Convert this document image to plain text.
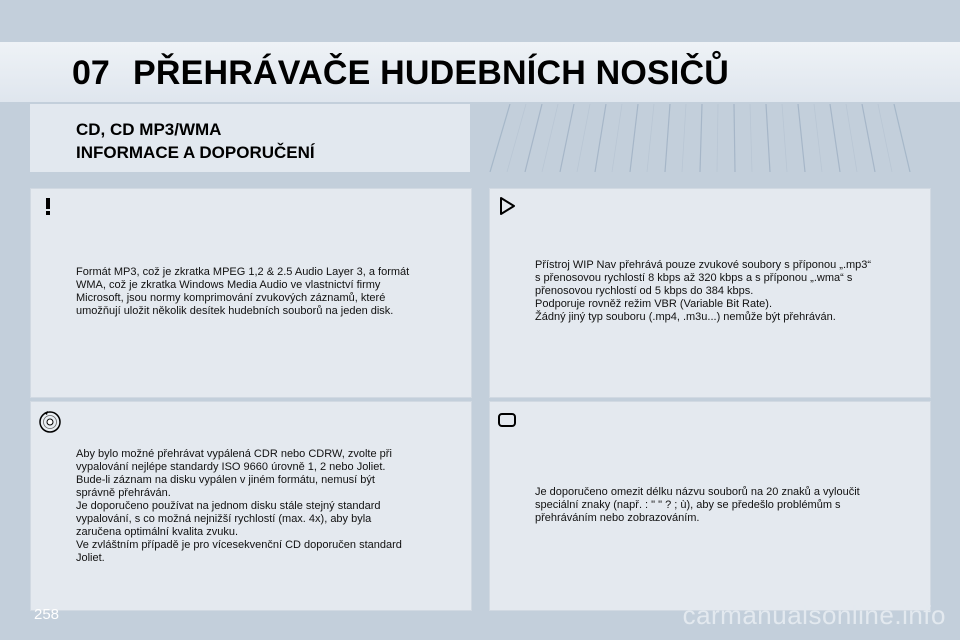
07 PŘEHRÁVAČE HUDEBNÍCH NOSIČŮ
CD, CD MP3/WMA
INFORMACE A DOPORUČENÍ
Formát MP3, což je zkratka MPEG 1,2 & 2.5 Audio Layer 3, a formát
WMA, což je zkratka Windows Media Audio ve vlastnictví firmy
Microsoft, jsou normy komprimování zvukových záznamů, které
umožňují uložit několik desítek hudebních souborů na jeden disk.
Přístroj WIP Nav přehrává pouze zvukové soubory s příponou „.mp3“
s přenosovou rychlostí 8 kbps až 320 kbps a s příponou „.wma“ s
přenosovou rychlostí od 5 kbps do 384 kbps.
Podporuje rovněž režim VBR (Variable Bit Rate).
Žádný jiný typ souboru (.mp4, .m3u...) nemůže být přehráván.
Aby bylo možné přehrávat vypálená CDR nebo CDRW, zvolte při
vypalování nejlépe standardy ISO 9660 úrovně 1, 2 nebo Joliet.
Bude-li záznam na disku vypálen v jiném formátu, nemusí být
správně přehráván.
Je doporučeno používat na jednom disku stále stejný standard
vypalování, s co možná nejnižší rychlostí (max. 4x), aby byla
zaručena optimální kvalita zvuku.
Ve zvláštním případě je pro vícesekvenční CD doporučen standard
Joliet.
Je doporučeno omezit délku názvu souborů na 20 znaků a vyloučit
speciální znaky (např. : " " ? ; ù), aby se předešlo problémům s
přehráváním nebo zobrazováním.
258	carmanualsonline.info
